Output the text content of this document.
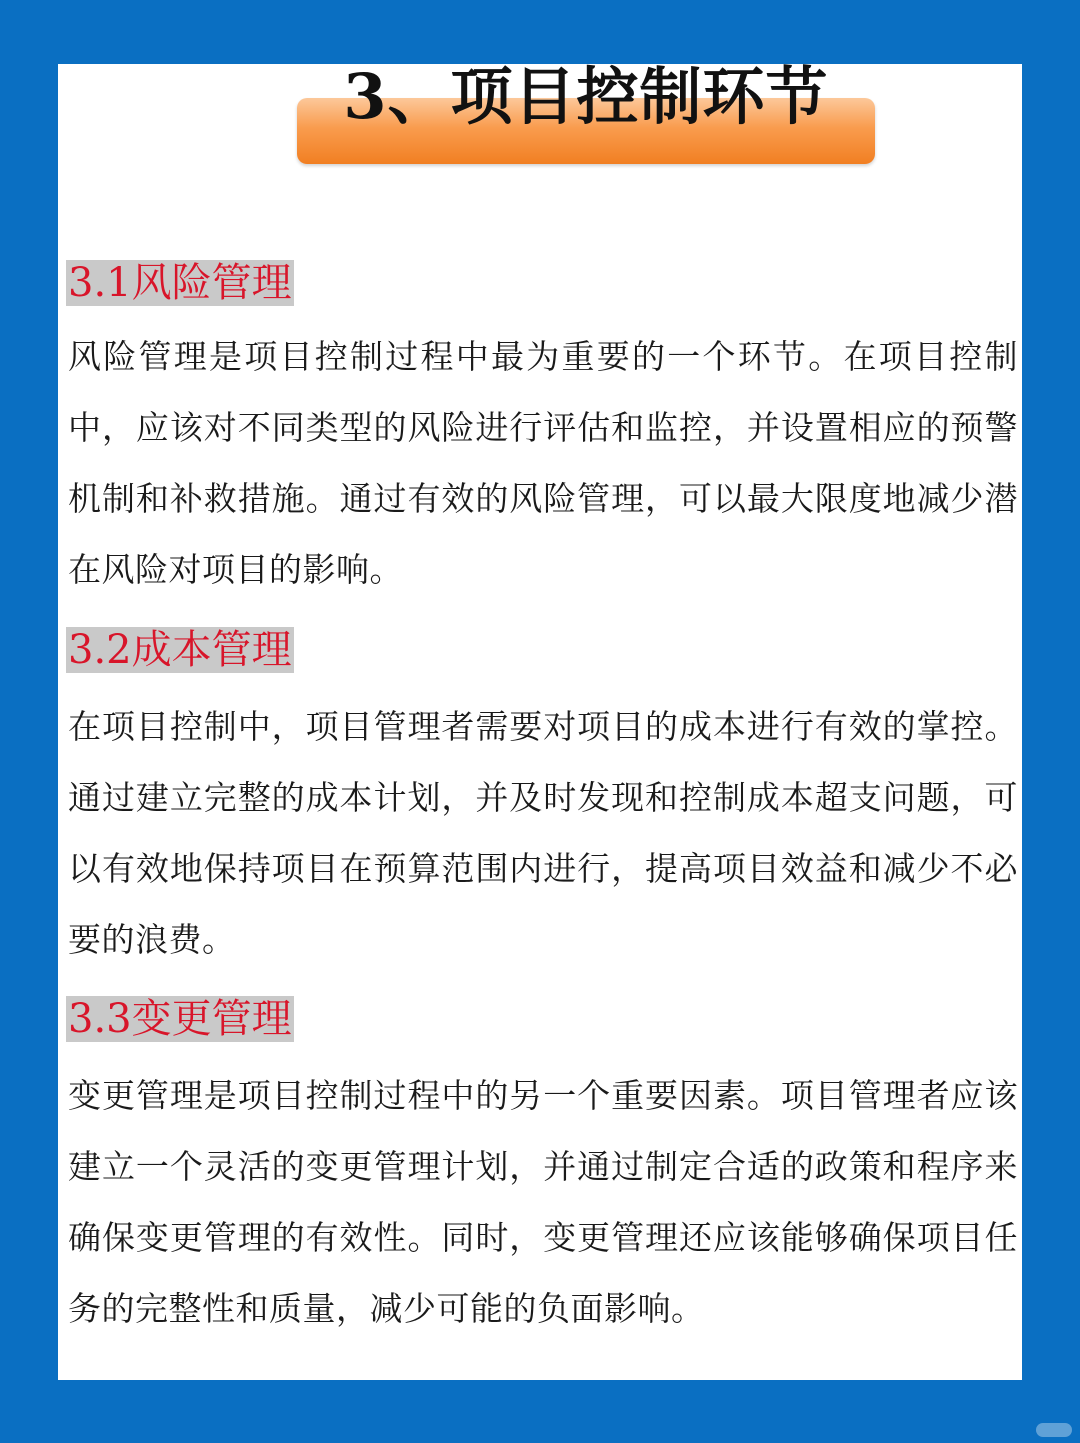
3、项目控制环节
3.1风险管理

风险管理是项目控制过程中最为重要的一个环节。在项目控制中，应该对不同类型的风险进行评估和监控，并设置相应的预警机制和补救措施。通过有效的风险管理，可以最大限度地减少潜在风险对项目的影响。

3.2成本管理

在项目控制中，项目管理者需要对项目的成本进行有效的掌控。通过建立完整的成本计划，并及时发现和控制成本超支问题，可以有效地保持项目在预算范围内进行，提高项目效益和减少不必要的浪费。

3.3变更管理

变更管理是项目控制过程中的另一个重要因素。项目管理者应该建立一个灵活的变更管理计划，并通过制定合适的政策和程序来确保变更管理的有效性。同时，变更管理还应该能够确保项目任务的完整性和质量，减少可能的负面影响。
